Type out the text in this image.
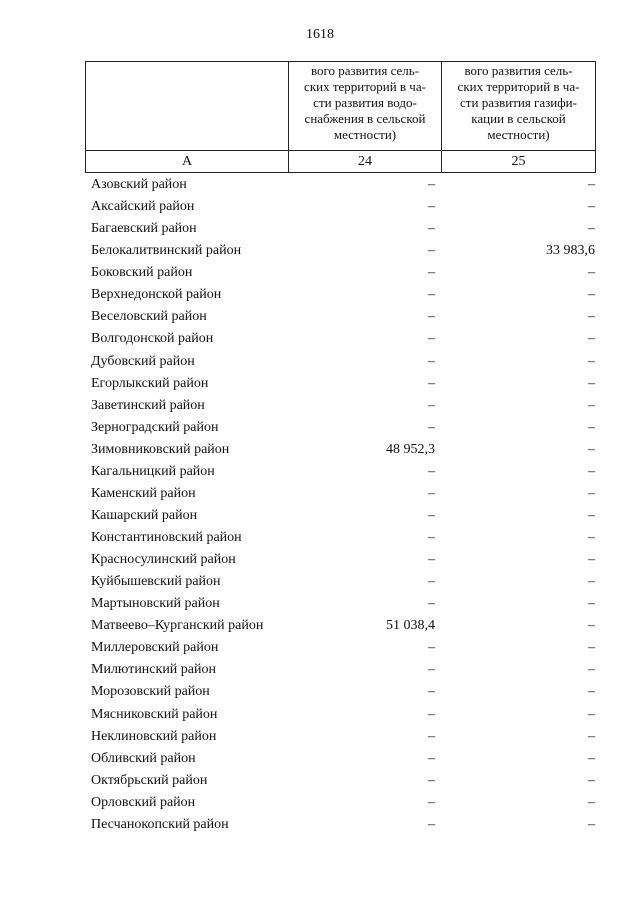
1618

	вого развития сель-
ских территорий в ча-
сти развития водо-
снабжения в сельской
местности)	вого развития сель-
ских территорий в ча-
сти развития газифи-
кации в сельской
местности)

А	24	25
Азовский район	–	–
Аксайский район	–	–
Багаевский район	–	–
Белокалитвинский район	–	33 983,6
Боковский район	–	–
Верхнедонской район	–	–
Веселовский район	–	–
Волгодонской район	–	–
Дубовский район	–	–
Егорлыкский район	–	–
Заветинский район	–	–
Зерноградский район	–	–
Зимовниковский район	48 952,3	–
Кагальницкий район	–	–
Каменский район	–	–
Кашарский район	–	–
Константиновский район	–	–
Красносулинский район	–	–
Куйбышевский район	–	–
Мартыновский район	–	–
Матвеево–Курганский район	51 038,4	–
Миллеровский район	–	–
Милютинский район	–	–
Морозовский район	–	–
Мясниковский район	–	–
Неклиновский район	–	–
Обливский район	–	–
Октябрьский район	–	–
Орловский район	–	–
Песчанокопский район	–	–
